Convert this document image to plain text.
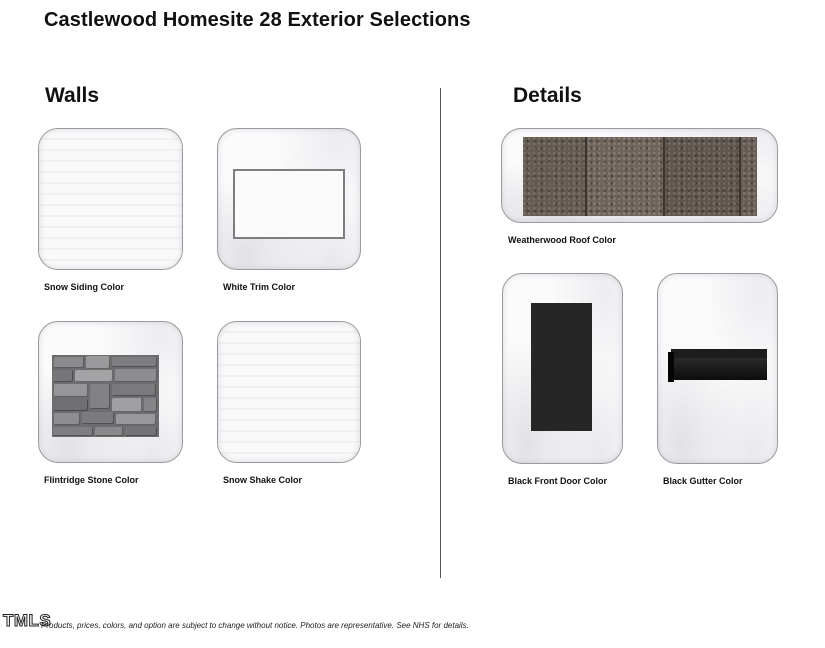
Castlewood Homesite 28 Exterior Selections
Walls	Details
Snow Siding Color	White Trim Color
Flintridge Stone Color	Snow Shake Color
Weatherwood Roof Color
Black Front Door Color	Black Gutter Color
TMLS
Products, prices, colors, and option are subject to change without notice. Photos are representative. See NHS for details.
